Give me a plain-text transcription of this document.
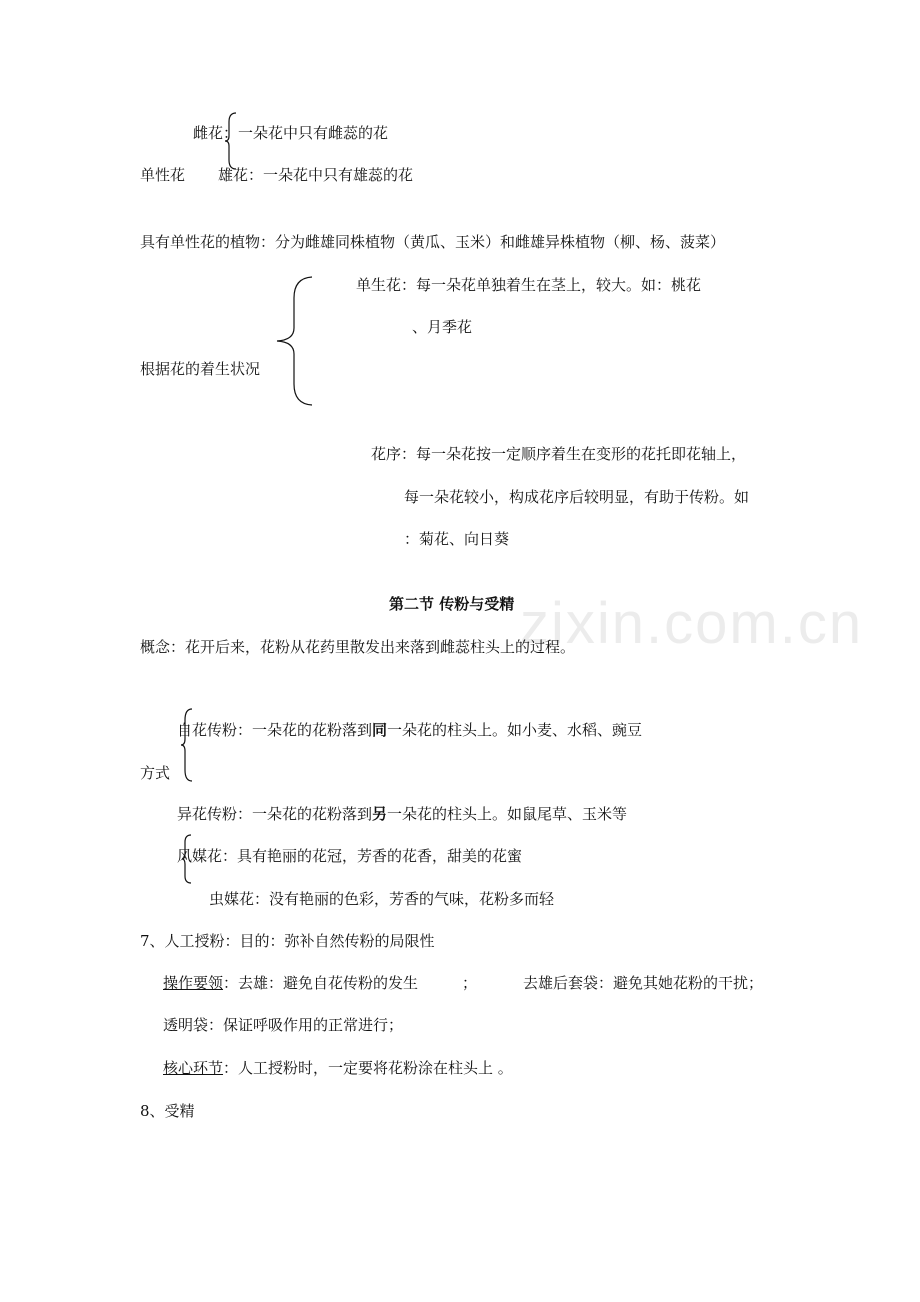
zixin.com.cn
雌花：一朵花中只有雌蕊的花
单性花 雄花：一朵花中只有雄蕊的花
具有单性花的植物：分为雌雄同株植物（黄瓜、玉米）和雌雄异株植物（柳、杨、菠菜）
单生花：每一朵花单独着生在茎上，较大。如：桃花
、月季花
根据花的着生状况
花序：每一朵花按一定顺序着生在变形的花托即花轴上，
每一朵花较小，构成花序后较明显，有助于传粉。如
：菊花、向日葵
第二节 传粉与受精
概念：花开后来，花粉从花药里散发出来落到雌蕊柱头上的过程。
自花传粉：一朵花的花粉落到同一朵花的柱头上。如小麦、水稻、豌豆
方式
异花传粉：一朵花的花粉落到另一朵花的柱头上。如鼠尾草、玉米等
风媒花：具有艳丽的花冠，芳香的花香，甜美的花蜜
虫媒花：没有艳丽的色彩，芳香的气味，花粉多而轻
7、人工授粉：目的：弥补自然传粉的局限性
操作要领：去雄：避免自花传粉的发生	；	去雄后套袋：避免其她花粉的干扰；
透明袋：保证呼吸作用的正常进行；
核心环节：人工授粉时，一定要将花粉涂在柱头上 。
8、受精
